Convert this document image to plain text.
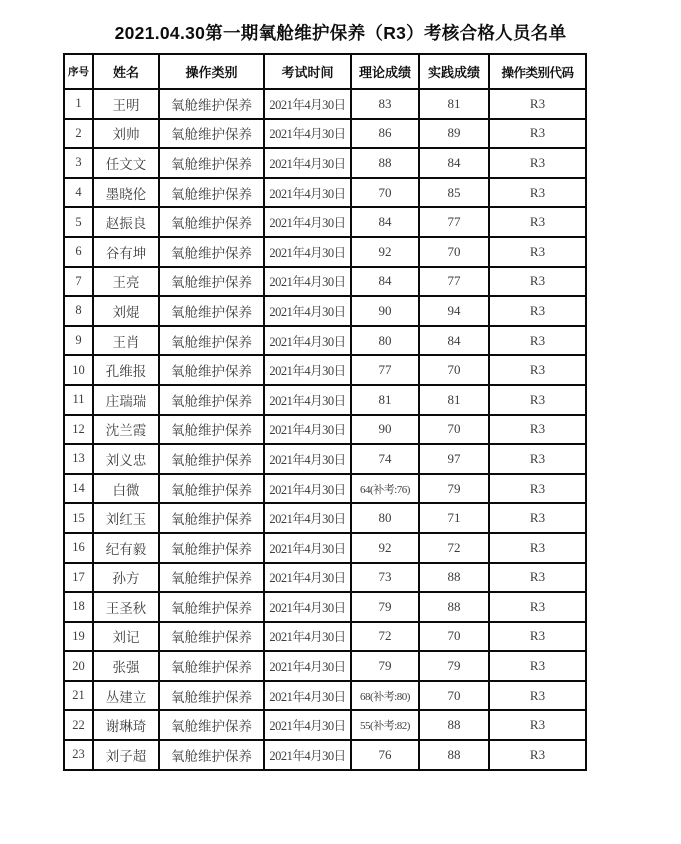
2021.04.30第一期氧舱维护保养（R3）考核合格人员名单
序号	姓名	操作类别	考试时间	理论成绩	实践成绩	操作类别代码
1	王明	氧舱维护保养	2021年4月30日	83	81	R3
2	刘帅	氧舱维护保养	2021年4月30日	86	89	R3
3	任文文	氧舱维护保养	2021年4月30日	88	84	R3
4	墨晓伦	氧舱维护保养	2021年4月30日	70	85	R3
5	赵振良	氧舱维护保养	2021年4月30日	84	77	R3
6	谷有坤	氧舱维护保养	2021年4月30日	92	70	R3
7	王亮	氧舱维护保养	2021年4月30日	84	77	R3
8	刘焜	氧舱维护保养	2021年4月30日	90	94	R3
9	王肖	氧舱维护保养	2021年4月30日	80	84	R3
10	孔维报	氧舱维护保养	2021年4月30日	77	70	R3
11	庄瑞瑞	氧舱维护保养	2021年4月30日	81	81	R3
12	沈兰霞	氧舱维护保养	2021年4月30日	90	70	R3
13	刘义忠	氧舱维护保养	2021年4月30日	74	97	R3
14	白微	氧舱维护保养	2021年4月30日	64(补考:76)	79	R3
15	刘红玉	氧舱维护保养	2021年4月30日	80	71	R3
16	纪有毅	氧舱维护保养	2021年4月30日	92	72	R3
17	孙方	氧舱维护保养	2021年4月30日	73	88	R3
18	王圣秋	氧舱维护保养	2021年4月30日	79	88	R3
19	刘记	氧舱维护保养	2021年4月30日	72	70	R3
20	张强	氧舱维护保养	2021年4月30日	79	79	R3
21	丛建立	氧舱维护保养	2021年4月30日	68(补考:80)	70	R3
22	谢琳琦	氧舱维护保养	2021年4月30日	55(补考:82)	88	R3
23	刘子超	氧舱维护保养	2021年4月30日	76	88	R3
